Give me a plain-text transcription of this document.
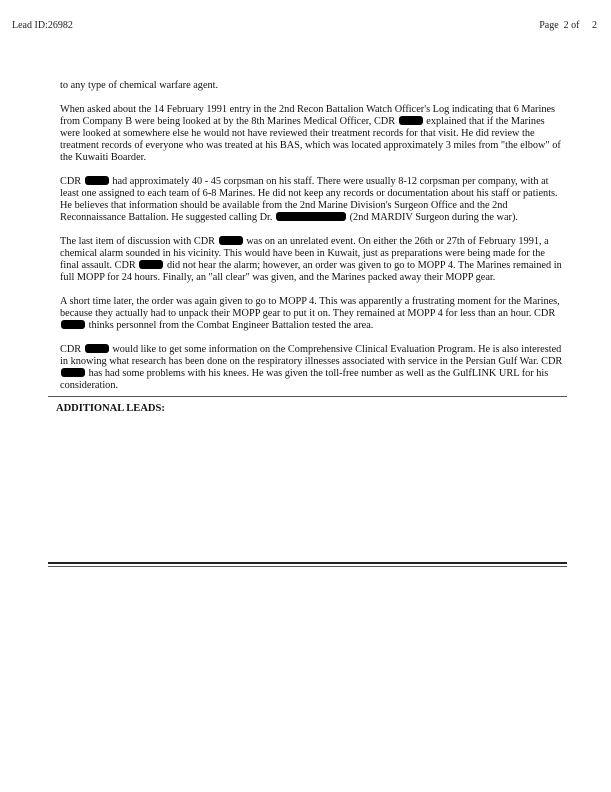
Lead ID:26982	Page 2 of 2

to any type of chemical warfare agent.

When asked about the 14 February 1991 entry in the 2nd Recon Battalion Watch Officer's Log indicating that 6 Marines from Company B were being looked at by the 8th Marines Medical Officer, CDR	explained that if the Marines were looked at somewhere else he would not have reviewed their treatment records for that visit. He did review the treatment records of everyone who was treated at his BAS, which was located approximately 3 miles from "the elbow" of the Kuwaiti Boarder.

CDR	had approximately 40 - 45 corpsman on his staff. There were usually 8-12 corpsman per company, with at least one assigned to each team of 6-8 Marines. He did not keep any records or documentation about his staff or patients. He believes that information should be available from the 2nd Marine Division's Surgeon Office and the 2nd Reconnaissance Battalion. He suggested calling Dr.	(2nd MARDIV Surgeon during the war).

The last item of discussion with CDR	was on an unrelated event. On either the 26th or 27th of February 1991, a chemical alarm sounded in his vicinity. This would have been in Kuwait, just as preparations were being made for the final assault. CDR	did not hear the alarm; however, an order was given to go to MOPP 4. The Marines remained in full MOPP for 24 hours. Finally, an "all clear" was given, and the Marines packed away their MOPP gear.

A short time later, the order was again given to go to MOPP 4. This was apparently a frustrating moment for the Marines, because they actually had to unpack their MOPP gear to put it on. They remained at MOPP 4 for less than an hour. CDR  thinks personnel from the Combat Engineer Battalion tested the area.

CDR	would like to get some information on the Comprehensive Clinical Evaluation Program. He is also interested in knowing what research has been done on the respiratory illnesses associated with service in the Persian Gulf War. CDR  has had some problems with his knees. He was given the toll-free number as well as the GulfLINK URL for his consideration.

ADDITIONAL LEADS:
